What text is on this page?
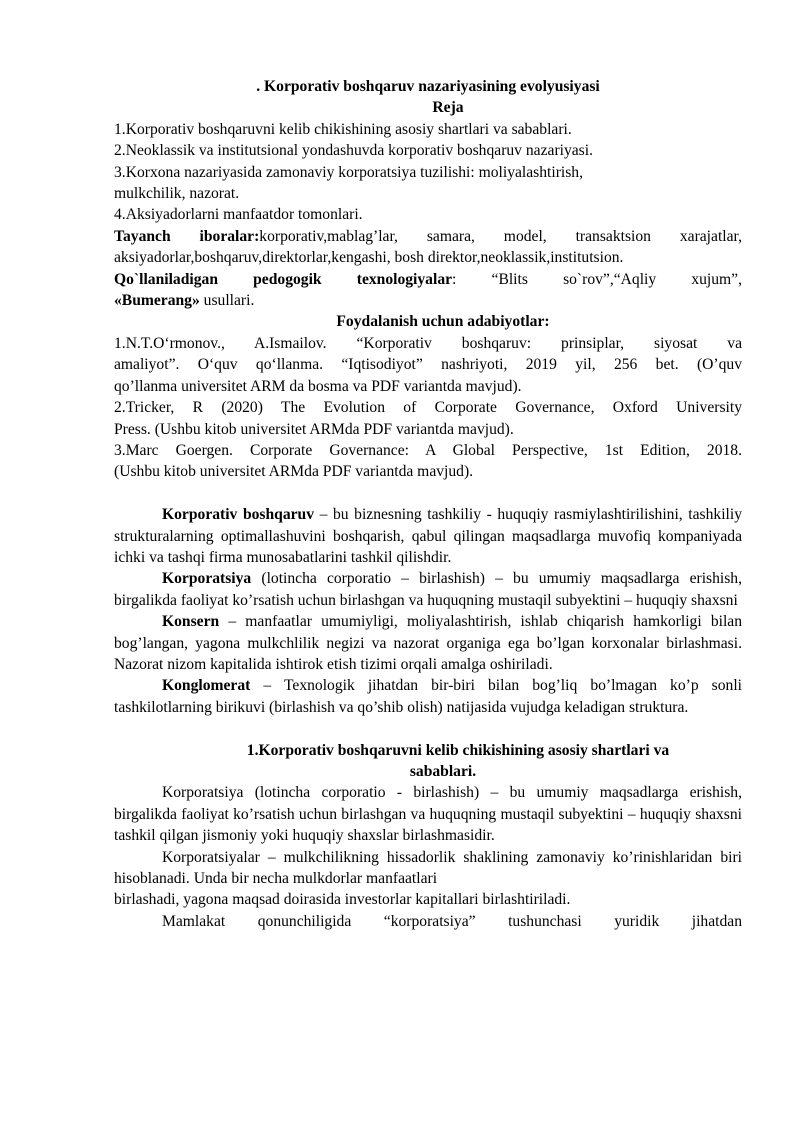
. Korporativ boshqaruv nazariyasining evolyusiyasi

Reja

1.Korporativ boshqaruvni kelib chikishining asosiy shartlari va sabablari.

2.Neoklassik va institutsional yondashuvda korporativ boshqaruv nazariyasi.

3.Korxona nazariyasida zamonaviy korporatsiya tuzilishi: moliyalashtirish,

mulkchilik, nazorat.

4.Aksiyadorlarni manfaatdor tomonlari.

Tayanch iboralar:korporativ,mablag’lar, samara, model, transaktsion xarajatlar,

aksiyadorlar,boshqaruv,direktorlar,kengashi, bosh direktor,neoklassik,institutsion.

Qo`llaniladigan pedogogik texnologiyalar: “Blits so`rov”,“Aqliy xujum”,

«Bumerang» usullari.

Foydalanish uchun adabiyotlar:

1.N.T.O‘rmonov., A.Ismailov. “Korporativ boshqaruv: prinsiplar, siyosat va

amaliyot”. O‘quv qo‘llanma. “Iqtisodiyot” nashriyoti, 2019 yil, 256 bet. (O’quv

qo’llanma universitet ARM da bosma va PDF variantda mavjud).

2.Tricker, R (2020) The Evolution of Corporate Governance, Oxford University

Press. (Ushbu kitob universitet ARMda PDF variantda mavjud).

3.Marc Goergen. Corporate Governance: A Global Perspective, 1st Edition, 2018.

(Ushbu kitob universitet ARMda PDF variantda mavjud).

Korporativ boshqaruv – bu biznesning tashkiliy - huquqiy rasmiylashtirilishini, tashkiliy strukturalarning optimallashuvini boshqarish, qabul qilingan maqsadlarga muvofiq kompaniyada ichki va tashqi firma munosabatlarini tashkil qilishdir.

Korporatsiya (lotincha corporatio – birlashish) – bu umumiy maqsadlarga erishish, birgalikda faoliyat ko’rsatish uchun birlashgan va huquqning mustaqil subyektini – huquqiy shaxsni

Konsern – manfaatlar umumiyligi, moliyalashtirish, ishlab chiqarish hamkorligi bilan bog’langan, yagona mulkchlilik negizi va nazorat organiga ega bo’lgan korxonalar birlashmasi. Nazorat nizom kapitalida ishtirok etish tizimi orqali amalga oshiriladi.

Konglomerat – Texnologik jihatdan bir-biri bilan bog’liq bo’lmagan ko’p sonli tashkilotlarning birikuvi (birlashish va qo’shib olish) natijasida vujudga keladigan struktura.

1.Korporativ boshqaruvni kelib chikishining asosiy shartlari va

sabablari.

Korporatsiya (lotincha corporatio - birlashish) – bu umumiy maqsadlarga erishish, birgalikda faoliyat ko’rsatish uchun birlashgan va huquqning mustaqil subyektini – huquqiy shaxsni tashkil qilgan jismoniy yoki huquqiy shaxslar birlashmasidir.

Korporatsiyalar – mulkchilikning hissadorlik shaklining zamonaviy ko’rinishlaridan biri hisoblanadi. Unda bir necha mulkdorlar manfaatlari

birlashadi, yagona maqsad doirasida investorlar kapitallari birlashtiriladi.

Mamlakat qonunchiligida “korporatsiya” tushunchasi yuridik jihatdan
